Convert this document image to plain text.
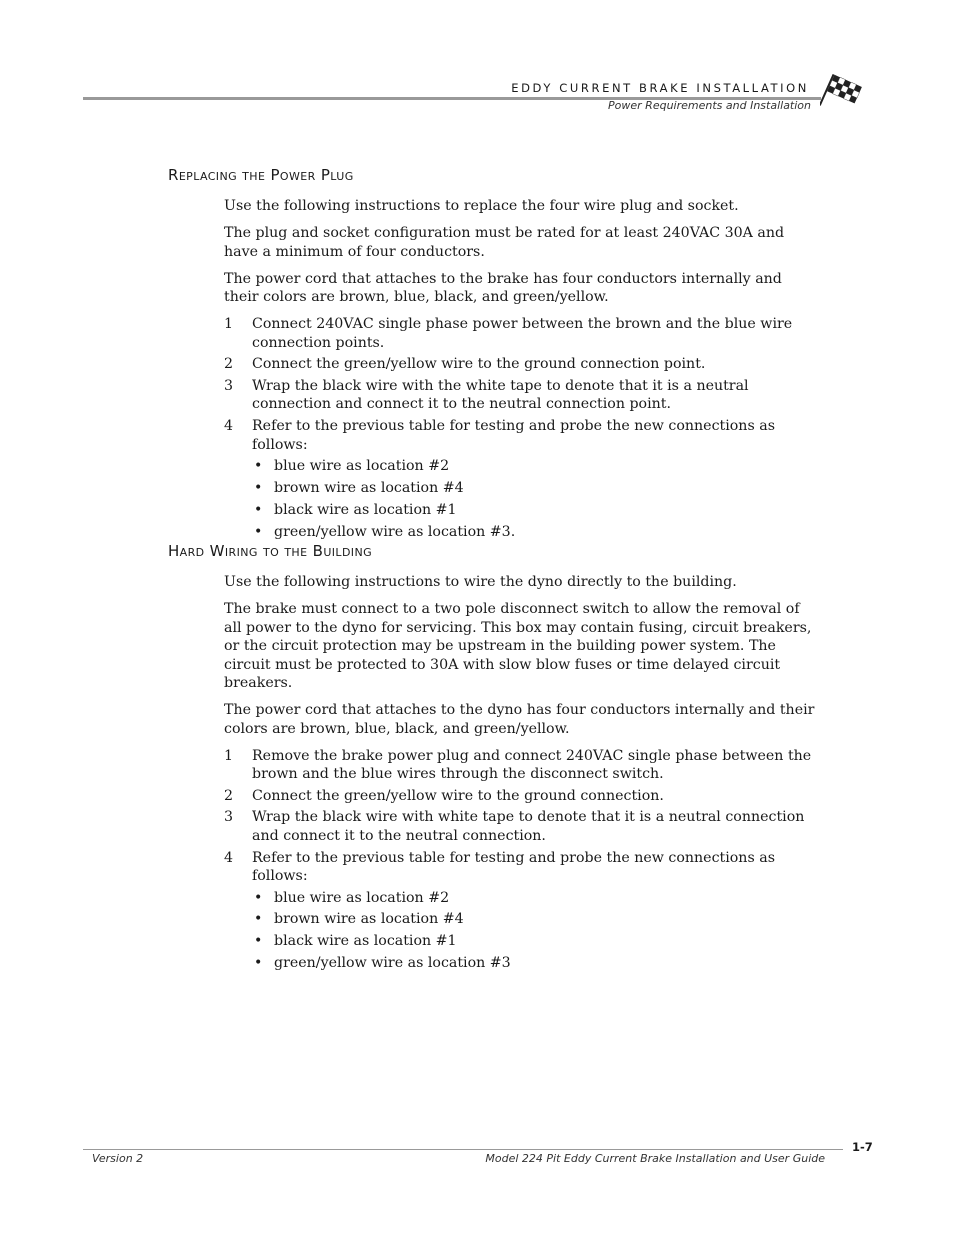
EDDY CURRENT BRAKE INSTALLATION
Power Requirements and Installation
Replacing the Power Plug

Use the following instructions to replace the four wire plug and socket.

The plug and socket configuration must be rated for at least 240VAC 30A and have a minimum of four conductors.

The power cord that attaches to the brake has four conductors internally and their colors are brown, blue, black, and green/yellow.

1 Connect 240VAC single phase power between the brown and the blue wire connection points.
2 Connect the green/yellow wire to the ground connection point.
3 Wrap the black wire with the white tape to denote that it is a neutral connection and connect it to the neutral connection point.
4 Refer to the previous table for testing and probe the new connections as follows:
• blue wire as location #2
• brown wire as location #4
• black wire as location #1
• green/yellow wire as location #3.
Hard Wiring to the Building

Use the following instructions to wire the dyno directly to the building.

The brake must connect to a two pole disconnect switch to allow the removal of all power to the dyno for servicing. This box may contain fusing, circuit breakers, or the circuit protection may be upstream in the building power system. The circuit must be protected to 30A with slow blow fuses or time delayed circuit breakers.

The power cord that attaches to the dyno has four conductors internally and their colors are brown, blue, black, and green/yellow.

1 Remove the brake power plug and connect 240VAC single phase between the brown and the blue wires through the disconnect switch.
2 Connect the green/yellow wire to the ground connection.
3 Wrap the black wire with white tape to denote that it is a neutral connection and connect it to the neutral connection.
4 Refer to the previous table for testing and probe the new connections as follows:
• blue wire as location #2
• brown wire as location #4
• black wire as location #1
• green/yellow wire as location #3
1-7
Version 2	Model 224 Pit Eddy Current Brake Installation and User Guide
